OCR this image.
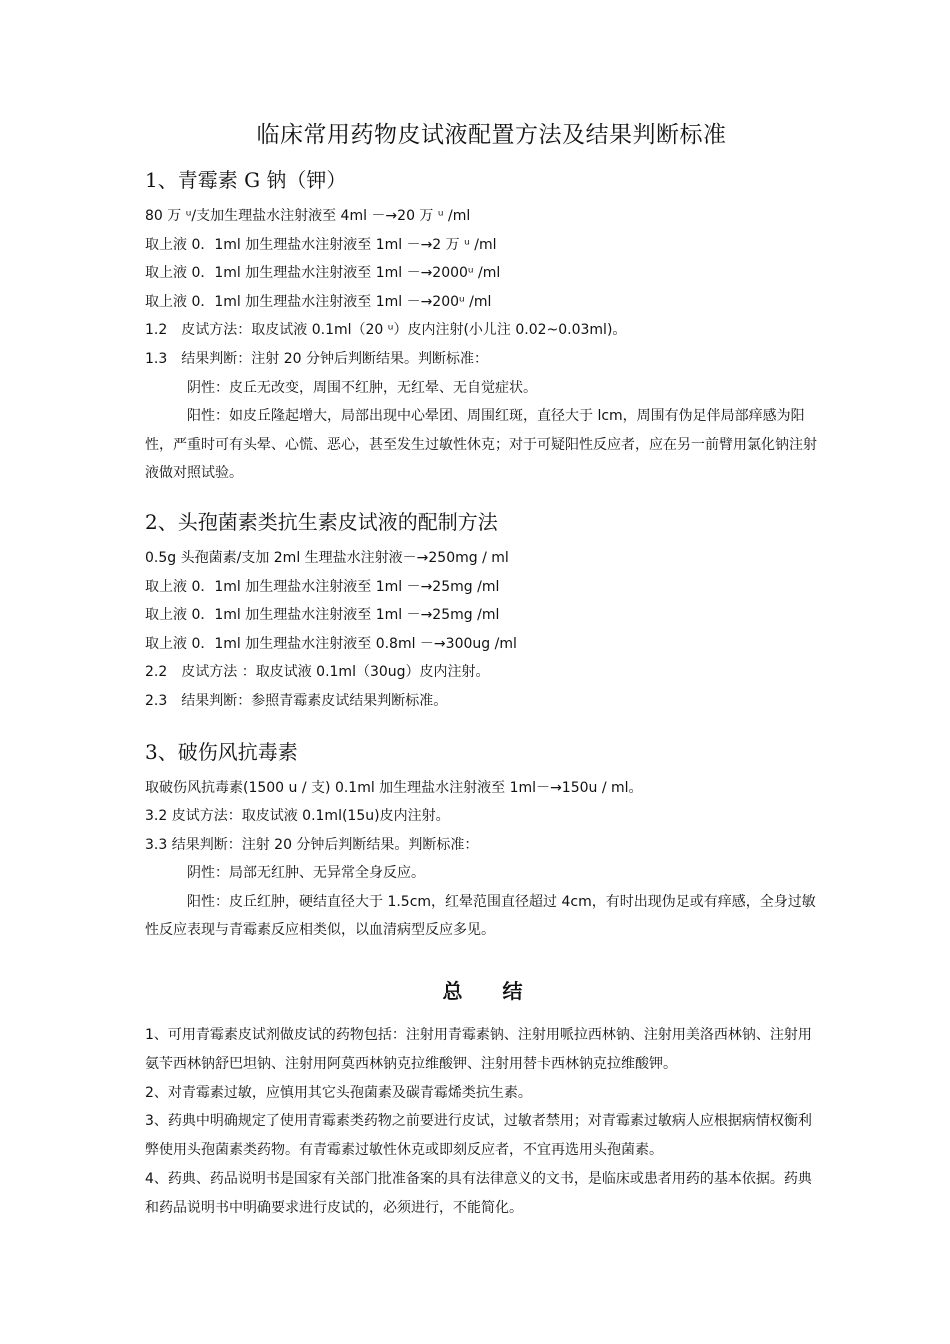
临床常用药物皮试液配置方法及结果判断标准
1、青霉素 G 钠（钾）

80 万 ᵘ/支加生理盐水注射液至 4ml －→20 万 ᵘ /ml

取上液 0．1ml 加生理盐水注射液至 1ml －→2 万 ᵘ /ml

取上液 0．1ml 加生理盐水注射液至 1ml －→2000ᵘ /ml

取上液 0．1ml 加生理盐水注射液至 1ml －→200ᵘ /ml

1.2　皮试方法：取皮试液 0.1ml（20 ᵘ）皮内注射(小儿注 0.02~0.03ml)。

1.3　结果判断：注射 20 分钟后判断结果。判断标准：

阴性：皮丘无改变，周围不红肿，无红晕、无自觉症状。

阳性：如皮丘隆起增大，局部出现中心晕团、周围红斑，直径大于 lcm，周围有伪足伴局部痒感为阳性，严重时可有头晕、心慌、恶心，甚至发生过敏性休克；对于可疑阳性反应者，应在另一前臂用氯化钠注射液做对照试验。

2、头孢菌素类抗生素皮试液的配制方法

0.5g 头孢菌素/支加 2ml 生理盐水注射液－→250mg / ml

取上液 0．1ml 加生理盐水注射液至 1ml －→25mg /ml

取上液 0．1ml 加生理盐水注射液至 1ml －→25mg /ml

取上液 0．1ml 加生理盐水注射液至 0.8ml －→300ug /ml

2.2　皮试方法 ：取皮试液 0.1ml（30ug）皮内注射。

2.3　结果判断：参照青霉素皮试结果判断标准。

3、破伤风抗毒素

取破伤风抗毒素(1500 u / 支) 0.1ml 加生理盐水注射液至 1ml－→150u / ml。

3.2 皮试方法：取皮试液 0.1ml(15u)皮内注射。

3.3 结果判断：注射 20 分钟后判断结果。判断标准：

阴性：局部无红肿、无异常全身反应。

阳性：皮丘红肿，硬结直径大于 1.5cm，红晕范围直径超过 4cm，有时出现伪足或有痒感，全身过敏性反应表现与青霉素反应相类似，以血清病型反应多见。

总结

1、可用青霉素皮试剂做皮试的药物包括：注射用青霉素钠、注射用哌拉西林钠、注射用美洛西林钠、注射用氨苄西林钠舒巴坦钠、注射用阿莫西林钠克拉维酸钾、注射用替卡西林钠克拉维酸钾。

2、对青霉素过敏，应慎用其它头孢菌素及碳青霉烯类抗生素。

3、药典中明确规定了使用青霉素类药物之前要进行皮试，过敏者禁用；对青霉素过敏病人应根据病情权衡利弊使用头孢菌素类药物。有青霉素过敏性休克或即刻反应者，不宜再选用头孢菌素。

4、药典、药品说明书是国家有关部门批准备案的具有法律意义的文书，是临床或患者用药的基本依据。药典和药品说明书中明确要求进行皮试的，必须进行，不能简化。
